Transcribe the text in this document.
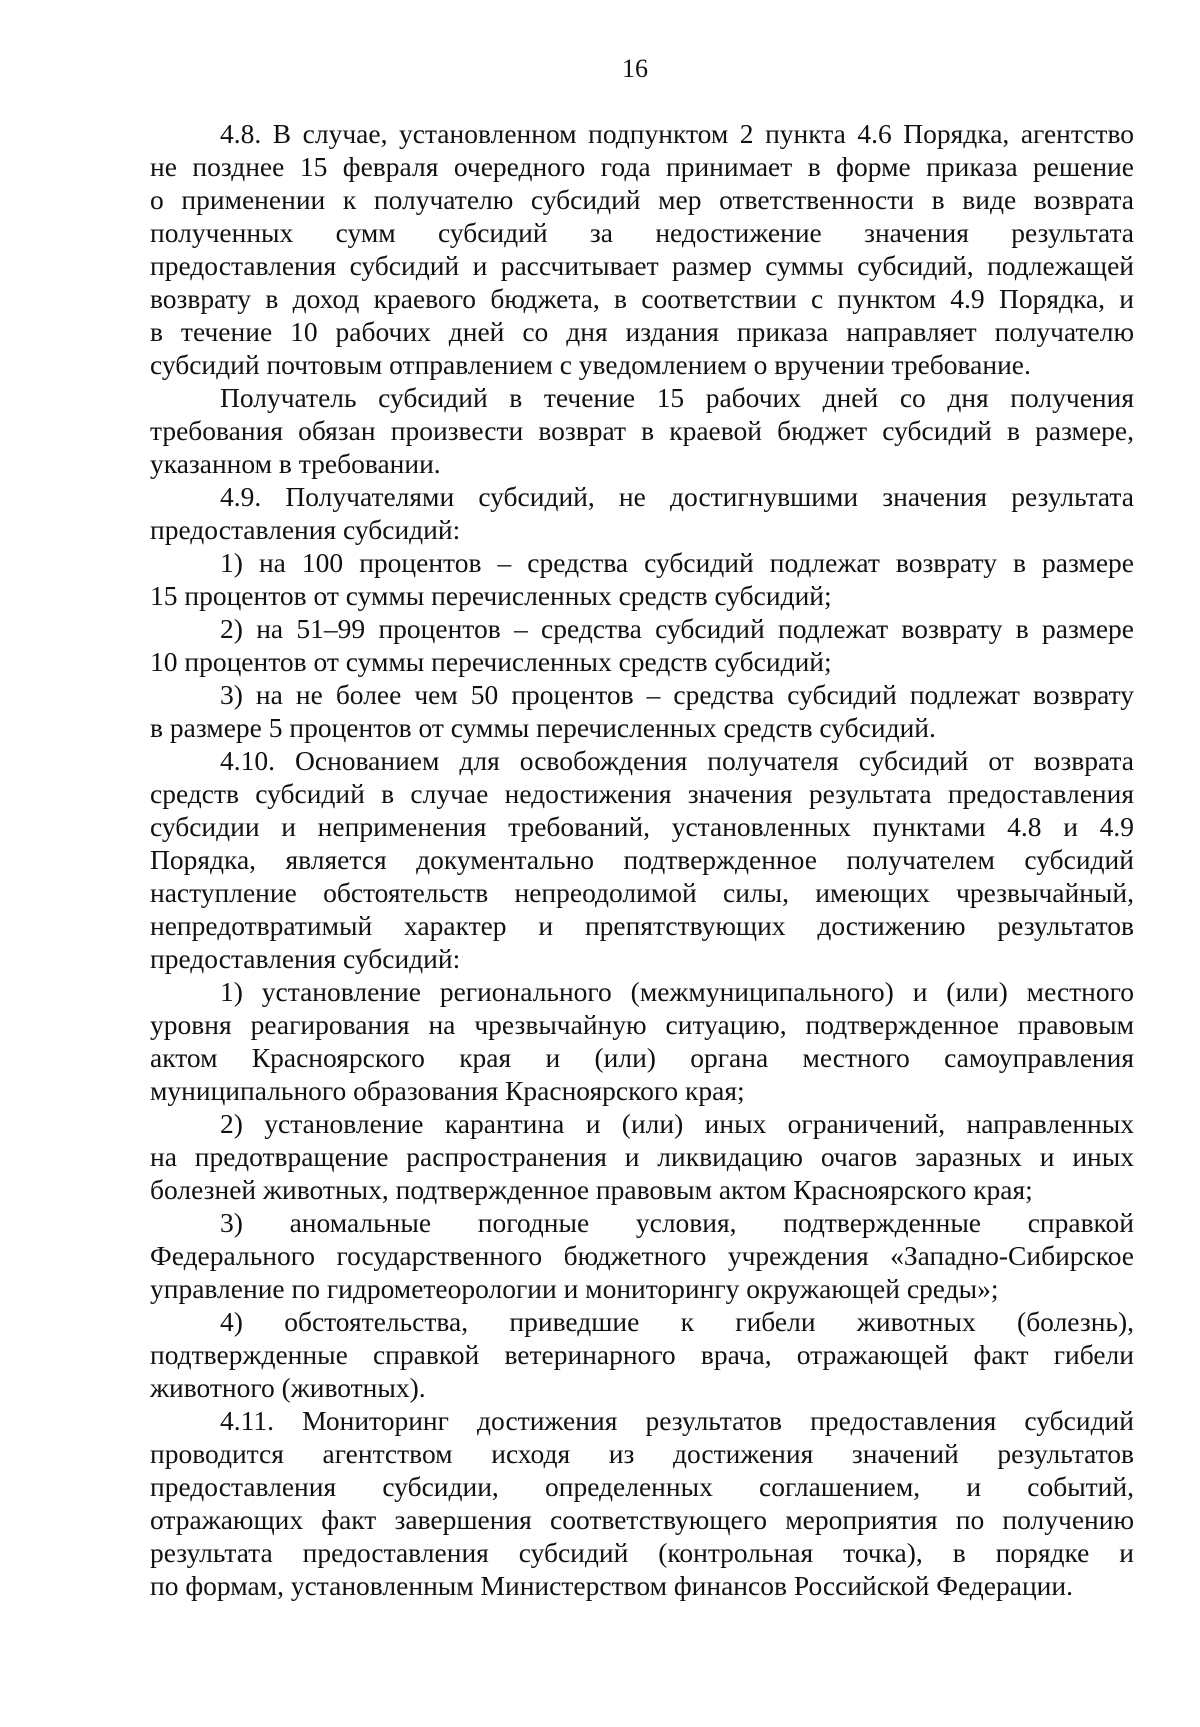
16
4.8. В случае, установленном подпунктом 2 пункта 4.6 Порядка, агентство
не позднее 15 февраля очередного года принимает в форме приказа решение
о применении к получателю субсидий мер ответственности в виде возврата
полученных сумм субсидий за недостижение значения результата
предоставления субсидий и рассчитывает размер суммы субсидий, подлежащей
возврату в доход краевого бюджета, в соответствии с пунктом 4.9 Порядка, и
в течение 10 рабочих дней со дня издания приказа направляет получателю
субсидий почтовым отправлением с уведомлением о вручении требование.
Получатель субсидий в течение 15 рабочих дней со дня получения
требования обязан произвести возврат в краевой бюджет субсидий в размере,
указанном в требовании.
4.9. Получателями субсидий, не достигнувшими значения результата
предоставления субсидий:
1) на 100 процентов – средства субсидий подлежат возврату в размере
15 процентов от суммы перечисленных средств субсидий;
2) на 51–99 процентов – средства субсидий подлежат возврату в размере
10 процентов от суммы перечисленных средств субсидий;
3) на не более чем 50 процентов – средства субсидий подлежат возврату
в размере 5 процентов от суммы перечисленных средств субсидий.
4.10. Основанием для освобождения получателя субсидий от возврата
средств субсидий в случае недостижения значения результата предоставления
субсидии и неприменения требований, установленных пунктами 4.8 и 4.9
Порядка, является документально подтвержденное получателем субсидий
наступление обстоятельств непреодолимой силы, имеющих чрезвычайный,
непредотвратимый характер и препятствующих достижению результатов
предоставления субсидий:
1) установление регионального (межмуниципального) и (или) местного
уровня реагирования на чрезвычайную ситуацию, подтвержденное правовым
актом Красноярского края и (или) органа местного самоуправления
муниципального образования Красноярского края;
2) установление карантина и (или) иных ограничений, направленных
на предотвращение распространения и ликвидацию очагов заразных и иных
болезней животных, подтвержденное правовым актом Красноярского края;
3) аномальные погодные условия, подтвержденные справкой
Федерального государственного бюджетного учреждения «Западно-Сибирское
управление по гидрометеорологии и мониторингу окружающей среды»;
4) обстоятельства, приведшие к гибели животных (болезнь),
подтвержденные справкой ветеринарного врача, отражающей факт гибели
животного (животных).
4.11. Мониторинг достижения результатов предоставления субсидий
проводится агентством исходя из достижения значений результатов
предоставления субсидии, определенных соглашением, и событий,
отражающих факт завершения соответствующего мероприятия по получению
результата предоставления субсидий (контрольная точка), в порядке и
по формам, установленным Министерством финансов Российской Федерации.
